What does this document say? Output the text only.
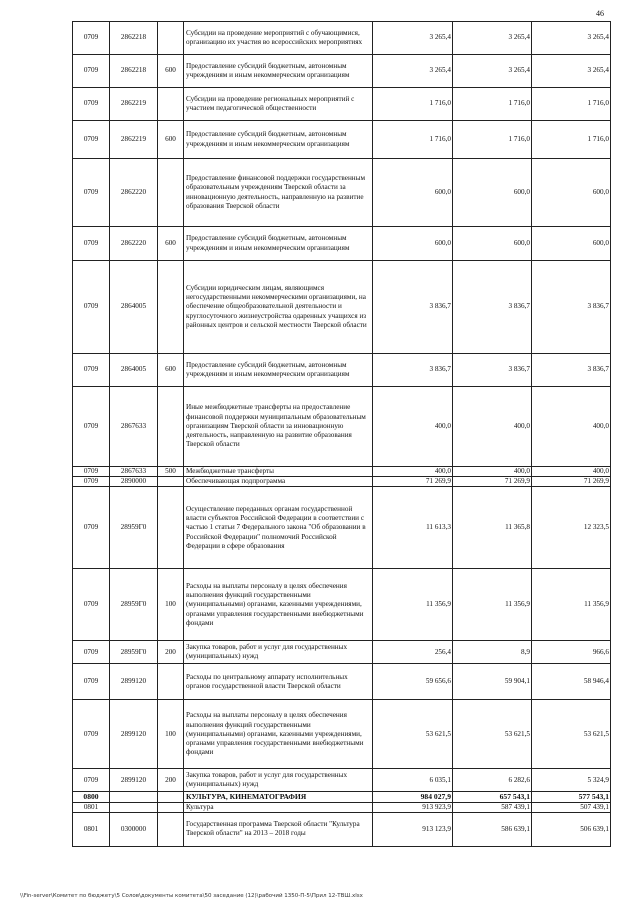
46
0709	2862218		Субсидии на проведение мероприятий с обучающимися, организацию их участия во всероссийских мероприятиях	3 265,4	3 265,4	3 265,4
0709	2862218	600	Предоставление субсидий бюджетным, автономным учреждениям и иным некоммерческим организациям	3 265,4	3 265,4	3 265,4
0709	2862219		Субсидии на проведение региональных мероприятий с участием педагогической общественности	1 716,0	1 716,0	1 716,0
0709	2862219	600	Предоставление субсидий бюджетным, автономным учреждениям и иным некоммерческим организациям	1 716,0	1 716,0	1 716,0
0709	2862220		Предоставление финансовой поддержки государственным образовательным учреждениям Тверской области за инновационную деятельность, направленную на развитие образования Тверской области	600,0	600,0	600,0
0709	2862220	600	Предоставление субсидий бюджетным, автономным учреждениям и иным некоммерческим организациям	600,0	600,0	600,0
0709	2864005		Субсидии юридическим лицам, являющимся негосударственными некоммерческими организациями, на обеспечение общеобразовательной деятельности и круглосуточного жизнеустройства одаренных учащихся из районных центров и сельской местности Тверской области	3 836,7	3 836,7	3 836,7
0709	2864005	600	Предоставление субсидий бюджетным, автономным учреждениям и иным некоммерческим организациям	3 836,7	3 836,7	3 836,7
0709	2867633		Иные межбюджетные трансферты на предоставление финансовой поддержки муниципальным образовательным организациям Тверской области за инновационную деятельность, направленную на развитие образования Тверской области	400,0	400,0	400,0
0709	2867633	500	Межбюджетные трансферты	400,0	400,0	400,0
0709	2890000		Обеспечивающая подпрограмма	71 269,9	71 269,9	71 269,9
0709	28959Г0		Осуществление переданных органам государственной власти субъектов Российской Федерации в соответствии с частью 1 статьи 7 Федерального закона "Об образовании в Российской Федерации" полномочий Российской Федерации в сфере образования	11 613,3	11 365,8	12 323,5
0709	28959Г0	100	Расходы на выплаты персоналу в целях обеспечения выполнения функций государственными (муниципальными) органами, казенными учреждениями, органами управления государственными внебюджетными фондами	11 356,9	11 356,9	11 356,9
0709	28959Г0	200	Закупка товаров, работ и услуг для государственных (муниципальных) нужд	256,4	8,9	966,6
0709	2899120		Расходы по центральному аппарату исполнительных органов государственной власти Тверской области	59 656,6	59 904,1	58 946,4
0709	2899120	100	Расходы на выплаты персоналу в целях обеспечения выполнения функций государственными (муниципальными) органами, казенными учреждениями, органами управления государственными внебюджетными фондами	53 621,5	53 621,5	53 621,5
0709	2899120	200	Закупка товаров, работ и услуг для государственных (муниципальных) нужд	6 035,1	6 282,6	5 324,9
0800			КУЛЬТУРА, КИНЕМАТОГРАФИЯ	984 027,9	657 543,1	577 543,1
0801			Культура	913 923,9	587 439,1	507 439,1
0801	0300000		Государственная программа Тверской области "Культура Тверской области" на 2013 – 2018 годы	913 123,9	586 639,1	506 639,1
\\Fin-server\Комитет по бюджету\5 Солов\документы комитета\50 заседание (12)\рабочий 1350-П-5\Прил 12-ТВШ.xlsx
